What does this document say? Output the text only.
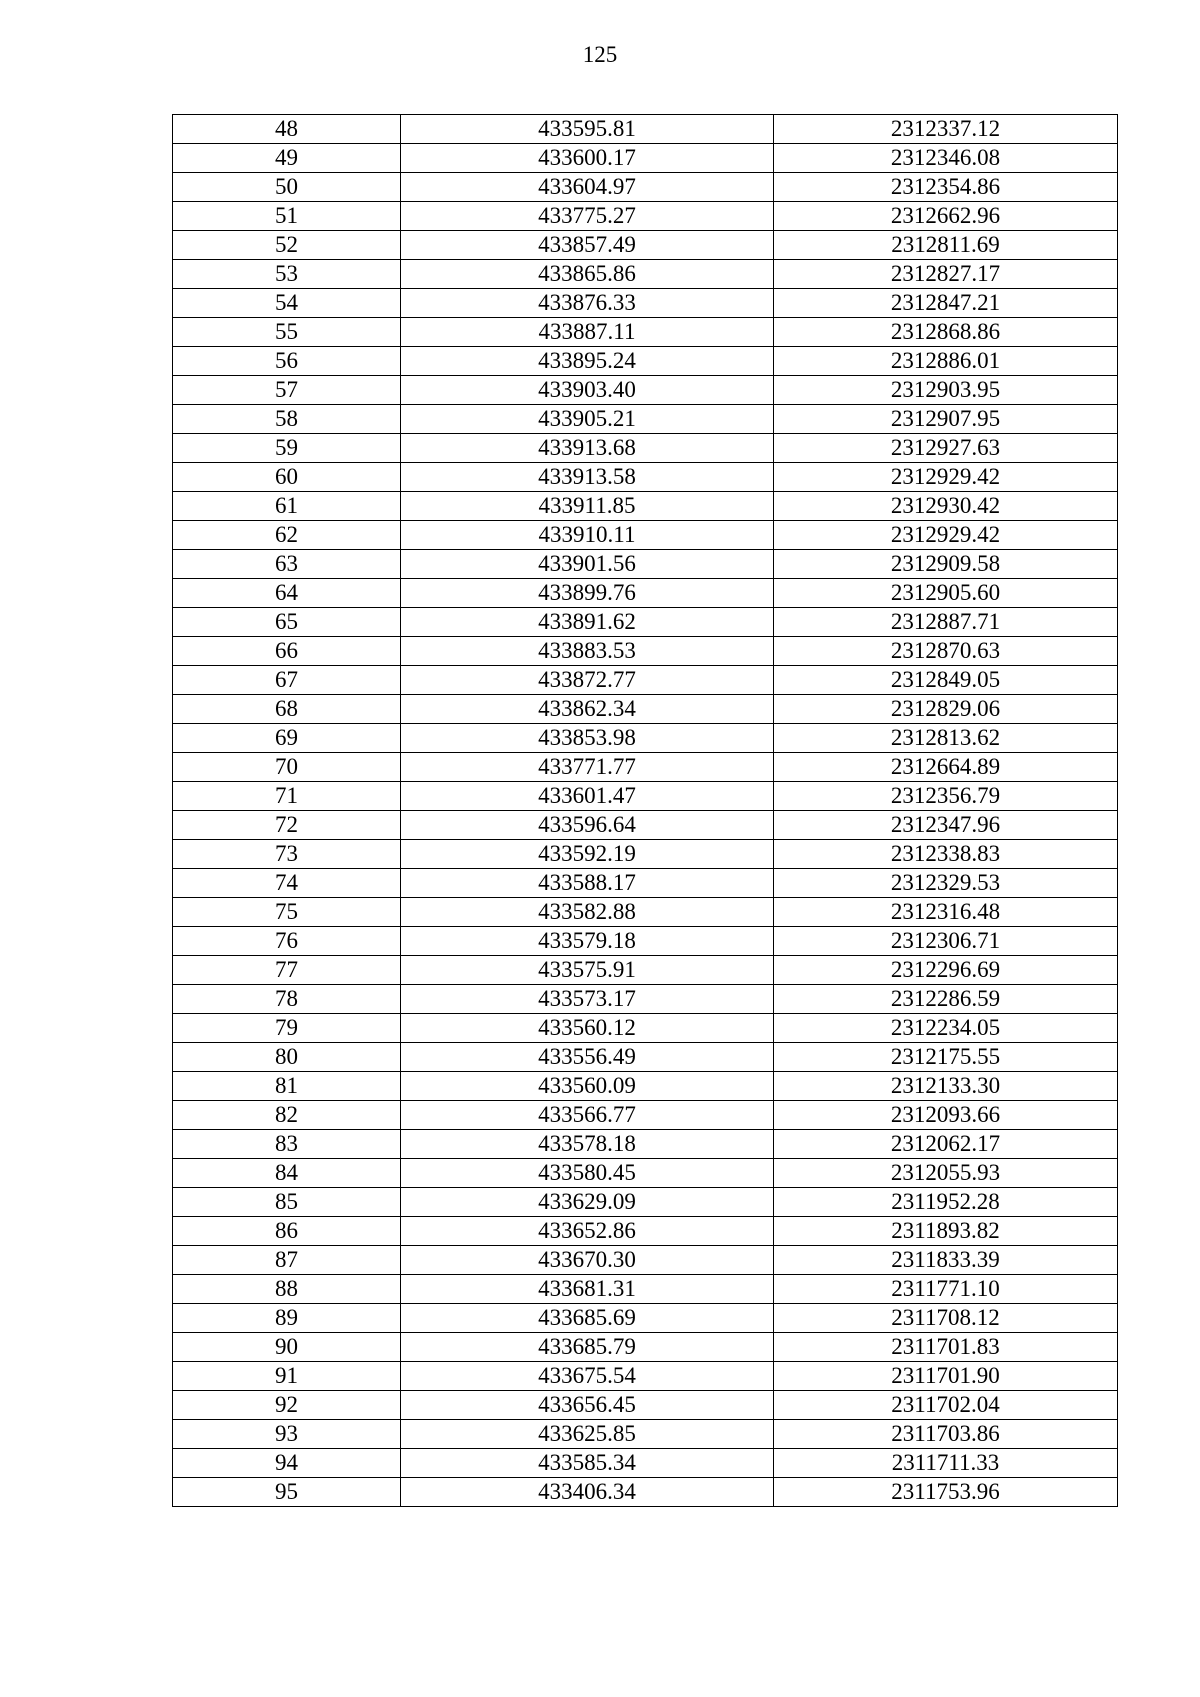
125
48	433595.81	2312337.12
49	433600.17	2312346.08
50	433604.97	2312354.86
51	433775.27	2312662.96
52	433857.49	2312811.69
53	433865.86	2312827.17
54	433876.33	2312847.21
55	433887.11	2312868.86
56	433895.24	2312886.01
57	433903.40	2312903.95
58	433905.21	2312907.95
59	433913.68	2312927.63
60	433913.58	2312929.42
61	433911.85	2312930.42
62	433910.11	2312929.42
63	433901.56	2312909.58
64	433899.76	2312905.60
65	433891.62	2312887.71
66	433883.53	2312870.63
67	433872.77	2312849.05
68	433862.34	2312829.06
69	433853.98	2312813.62
70	433771.77	2312664.89
71	433601.47	2312356.79
72	433596.64	2312347.96
73	433592.19	2312338.83
74	433588.17	2312329.53
75	433582.88	2312316.48
76	433579.18	2312306.71
77	433575.91	2312296.69
78	433573.17	2312286.59
79	433560.12	2312234.05
80	433556.49	2312175.55
81	433560.09	2312133.30
82	433566.77	2312093.66
83	433578.18	2312062.17
84	433580.45	2312055.93
85	433629.09	2311952.28
86	433652.86	2311893.82
87	433670.30	2311833.39
88	433681.31	2311771.10
89	433685.69	2311708.12
90	433685.79	2311701.83
91	433675.54	2311701.90
92	433656.45	2311702.04
93	433625.85	2311703.86
94	433585.34	2311711.33
95	433406.34	2311753.96
